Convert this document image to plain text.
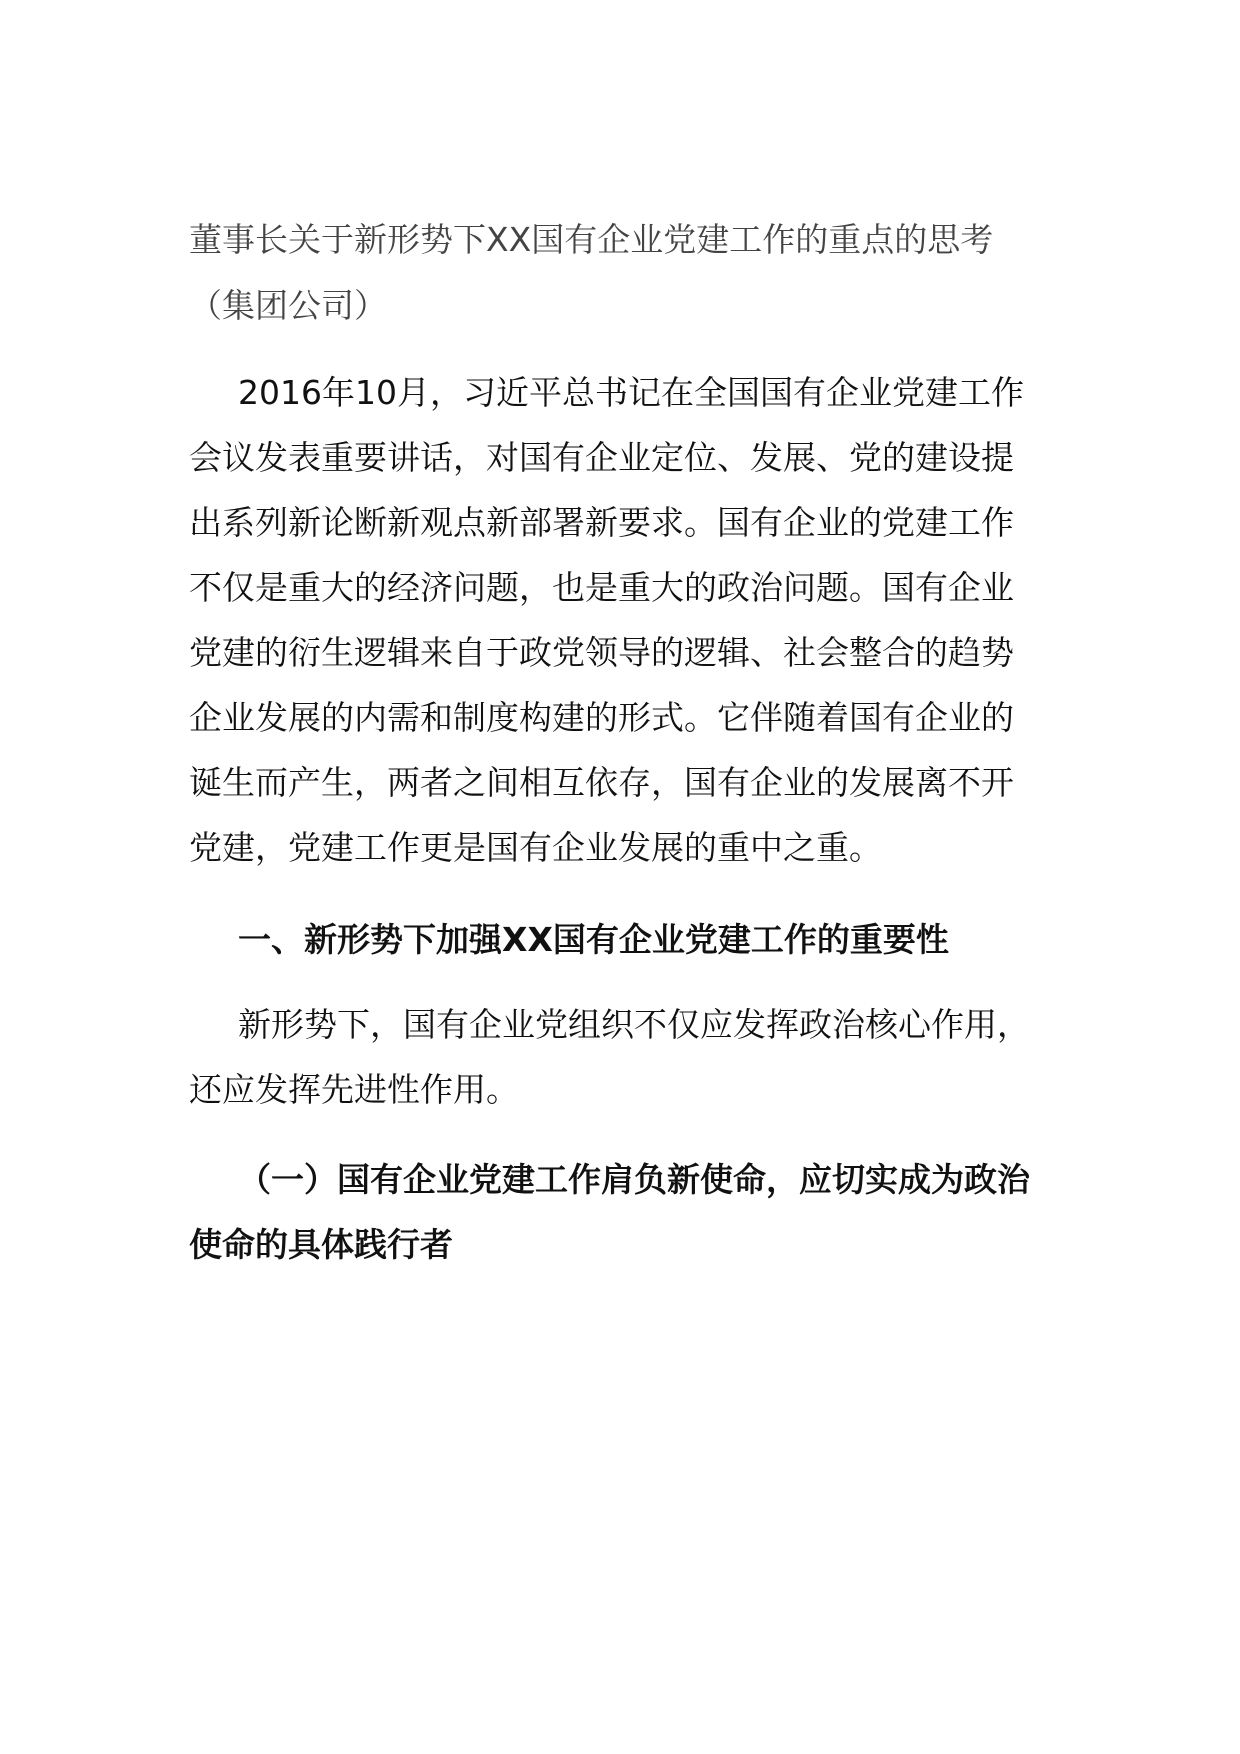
董事长关于新形势下XX国有企业党建工作的重点的思考
（集团公司）
2016年10月，习近平总书记在全国国有企业党建工作
会议发表重要讲话，对国有企业定位、发展、党的建设提
出系列新论断新观点新部署新要求。国有企业的党建工作
不仅是重大的经济问题，也是重大的政治问题。国有企业
党建的衍生逻辑来自于政党领导的逻辑、社会整合的趋势
企业发展的内需和制度构建的形式。它伴随着国有企业的
诞生而产生，两者之间相互依存，国有企业的发展离不开
党建，党建工作更是国有企业发展的重中之重。
一、新形势下加强XX国有企业党建工作的重要性
新形势下，国有企业党组织不仅应发挥政治核心作用，
还应发挥先进性作用。
（一）国有企业党建工作肩负新使命，应切实成为政治
使命的具体践行者
